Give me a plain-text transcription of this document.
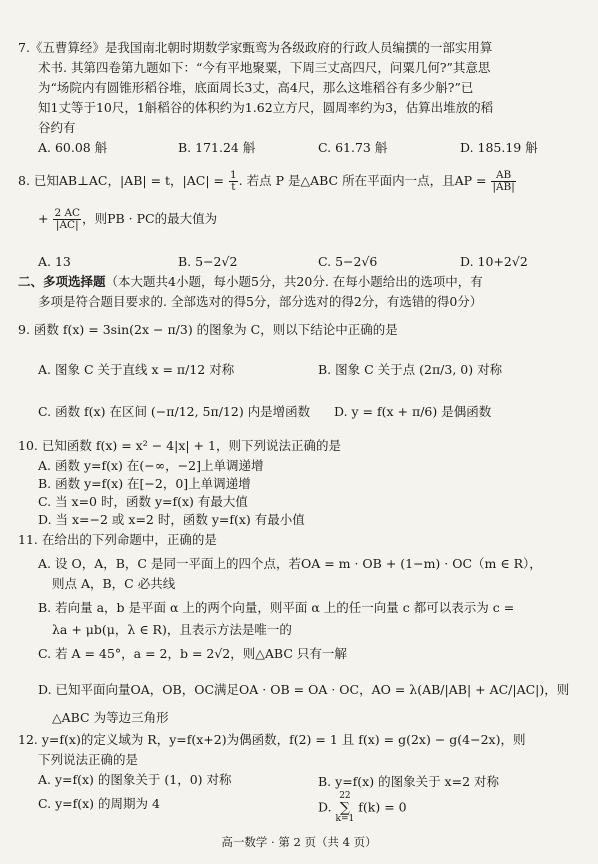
7.《五曹算经》是我国南北朝时期数学家甄鸾为各级政府的行政人员编撰的一部实用算
术书. 其第四卷第九题如下：“今有平地聚粟，下周三丈高四尺，问粟几何?”其意思
为“场院内有圆锥形稻谷堆，底面周长3丈，高4尺，那么这堆稻谷有多少斛?”已
知1丈等于10尺，1斛稻谷的体积约为1.62立方尺，圆周率约为3，估算出堆放的稻
谷约有
A. 60.08 斛	B. 171.24 斛	C. 61.73 斛	D. 185.19 斛
8. 已知AB⊥AC，|AB| = t，$|AC| = \frac{1}{t}$ . 若点 P 是△ABC 所在平面内一点，且AP = $\frac{AB}{|AB|}$
+ $\frac{2 AC}{|AC|}$ ，则PB · PC的最大值为
A. 13	B. 5−2√2	C. 5−2√6	D. 10+2√2
二、多项选择题（本大题共4小题，每小题5分，共20分. 在每小题给出的选项中，有
多项是符合题目要求的. 全部选对的得5分，部分选对的得2分，有选错的得0分）
9. 函数 f(x) = 3sin(2x − π/3) 的图象为 C，则以下结论中正确的是
A. 图象 C 关于直线 x = π/12 对称	B. 图象 C 关于点 (2π/3, 0) 对称
C. 函数 f(x) 在区间 (−π/12, 5π/12) 内是增函数	D. y = f(x + π/6) 是偶函数
10. 已知函数 f(x) = x² − 4|x| + 1，则下列说法正确的是
A. 函数 y=f(x) 在(−∞，−2]上单调递增
B. 函数 y=f(x) 在[−2，0]上单调递增
C. 当 x=0 时，函数 y=f(x) 有最大值
D. 当 x=−2 或 x=2 时，函数 y=f(x) 有最小值
11. 在给出的下列命题中，正确的是
A. 设 O，A，B，C 是同一平面上的四个点，若OA = m · OB + (1−m) · OC（m ∈ R），
则点 A，B，C 必共线
B. 若向量 a，b 是平面 α 上的两个向量，则平面 α 上的任一向量 c 都可以表示为 c =
λa + μb(μ，λ ∈ R)，且表示方法是唯一的
C. 若 A = 45°，a = 2，b = 2√2，则△ABC 只有一解
D. 已知平面向量OA，OB，OC满足OA · OB = OA · OC，AO = λ(AB/|AB| + AC/|AC|)，则
△ABC 为等边三角形
12. y=f(x)的定义域为 R，y=f(x+2)为偶函数，f(2) = 1 且 f(x) = g(2x) − g(4−2x)，则
下列说法正确的是
A. y=f(x) 的图象关于 (1，0) 对称	B. y=f(x) 的图象关于 x=2 对称
C. y=f(x) 的周期为 4	D. 22
∑
k=1 f(k) = 0
高一数学 · 第 2 页（共 4 页）
